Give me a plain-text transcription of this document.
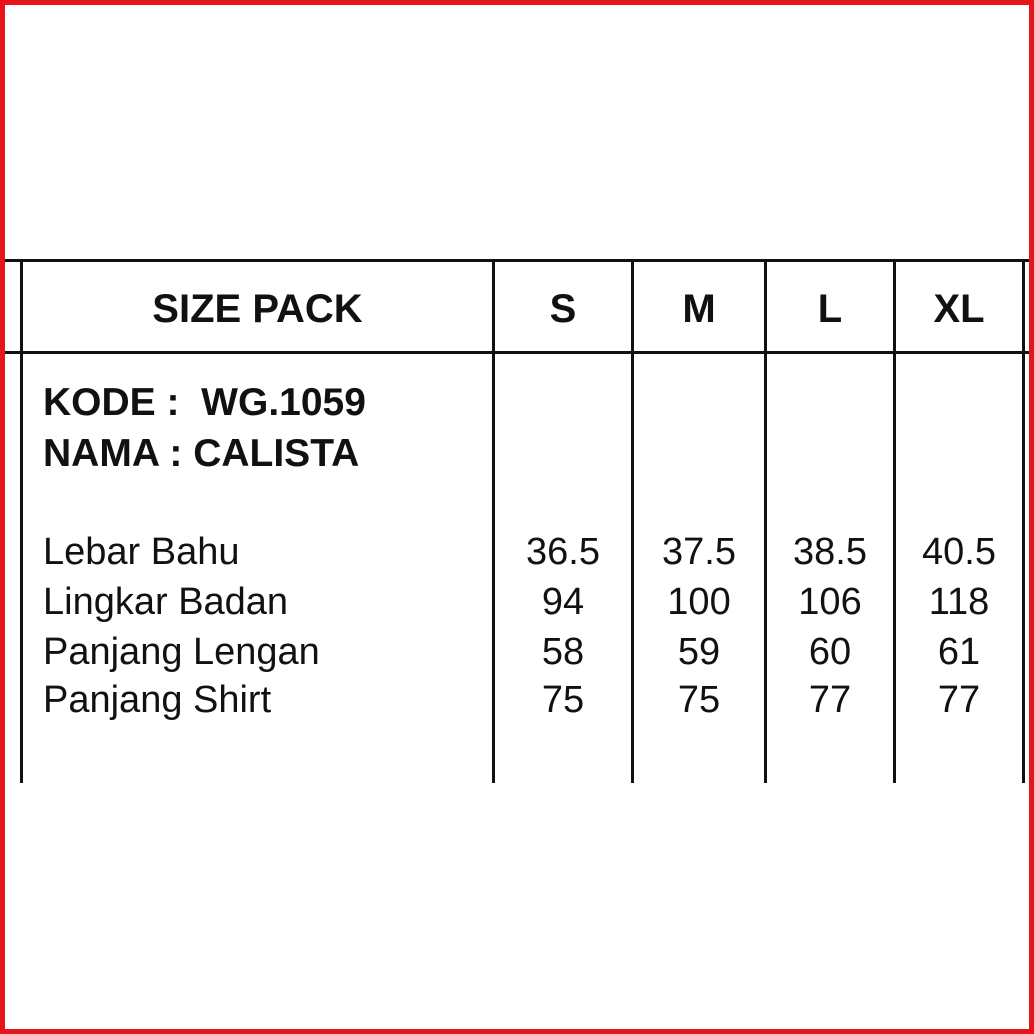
SIZE PACK	S	M	L	XL
KODE :  WG.1059
NAMA : CALISTA
Lebar Bahu	36.5	37.5	38.5	40.5
Lingkar Badan	94	100	106	118
Panjang Lengan	58	59	60	61
Panjang Shirt	75	75	77	77
